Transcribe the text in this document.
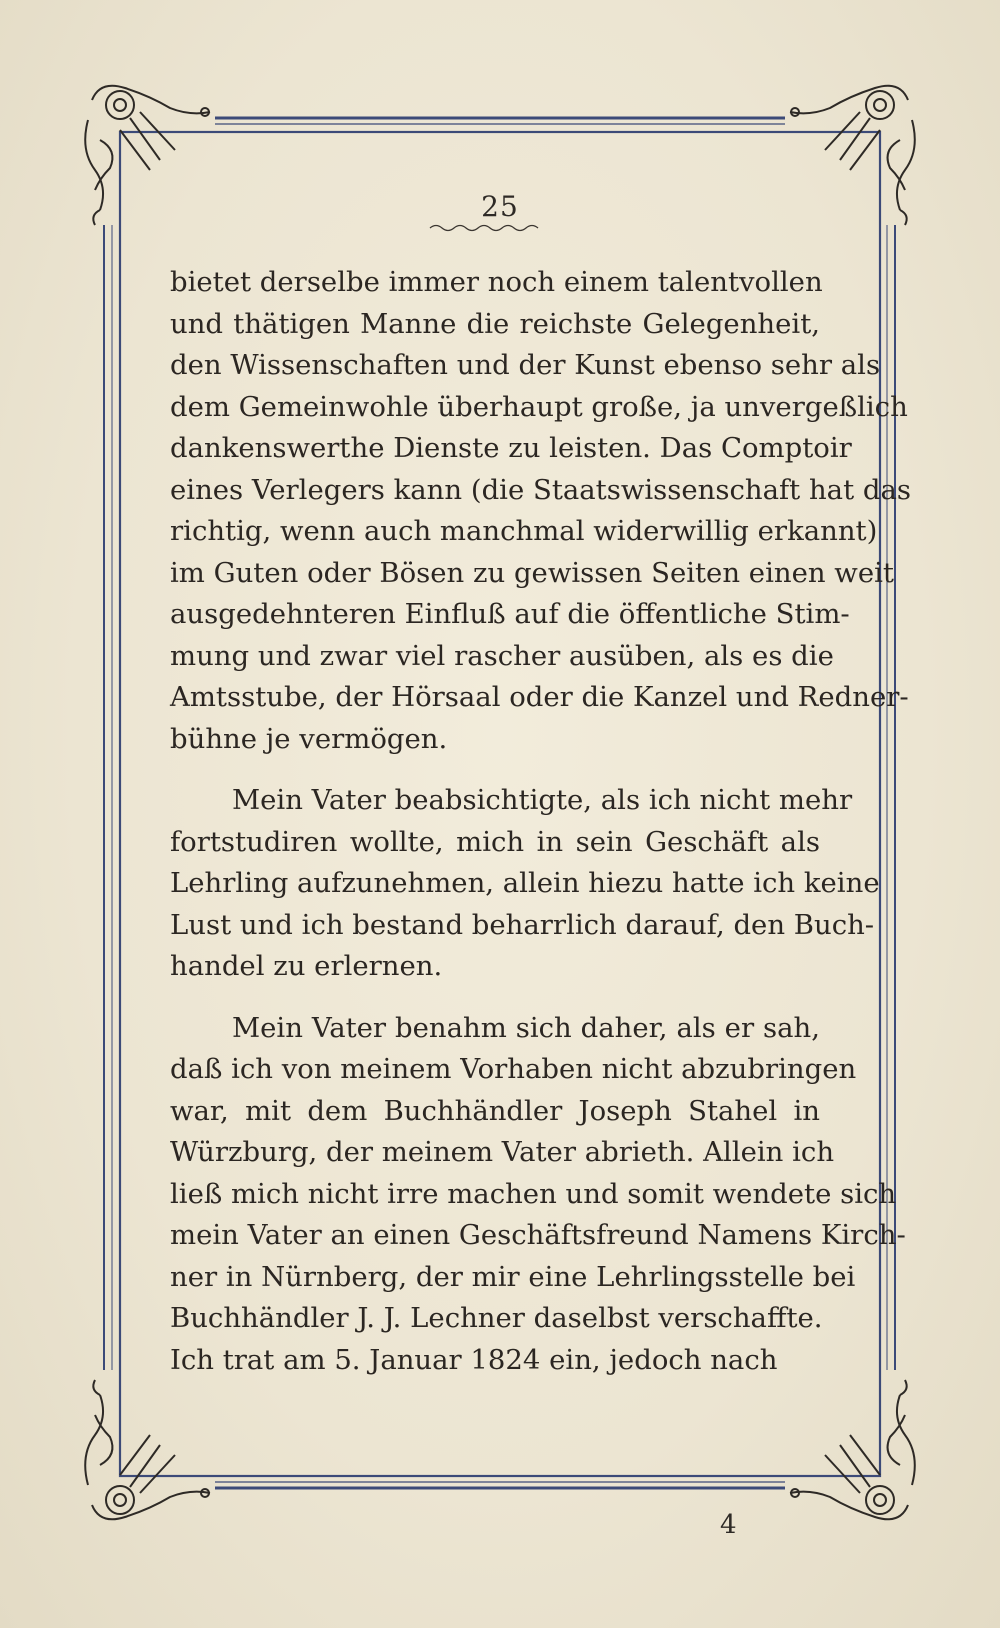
25
bietet derselbe immer noch einem talentvollen
und thätigen Manne die reichste Gelegenheit,
den Wissenschaften und der Kunst ebenso sehr als
dem Gemeinwohle überhaupt große, ja unvergeßlich
dankenswerthe Dienste zu leisten. Das Comptoir
eines Verlegers kann (die Staatswissenschaft hat das
richtig, wenn auch manchmal widerwillig erkannt)
im Guten oder Bösen zu gewissen Seiten einen weit
ausgedehnteren Einfluß auf die öffentliche Stim-
mung und zwar viel rascher ausüben, als es die
Amtsstube, der Hörsaal oder die Kanzel und Redner-
bühne je vermögen.
Mein Vater beabsichtigte, als ich nicht mehr
fortstudiren wollte, mich in sein Geschäft als
Lehrling aufzunehmen, allein hiezu hatte ich keine
Lust und ich bestand beharrlich darauf, den Buch-
handel zu erlernen.
Mein Vater benahm sich daher, als er sah,
daß ich von meinem Vorhaben nicht abzubringen
war, mit dem Buchhändler Joseph Stahel in
Würzburg, der meinem Vater abrieth. Allein ich
ließ mich nicht irre machen und somit wendete sich
mein Vater an einen Geschäftsfreund Namens Kirch-
ner in Nürnberg, der mir eine Lehrlingsstelle bei
Buchhändler J. J. Lechner daselbst verschaffte.
Ich trat am 5. Januar 1824 ein, jedoch nach
4
